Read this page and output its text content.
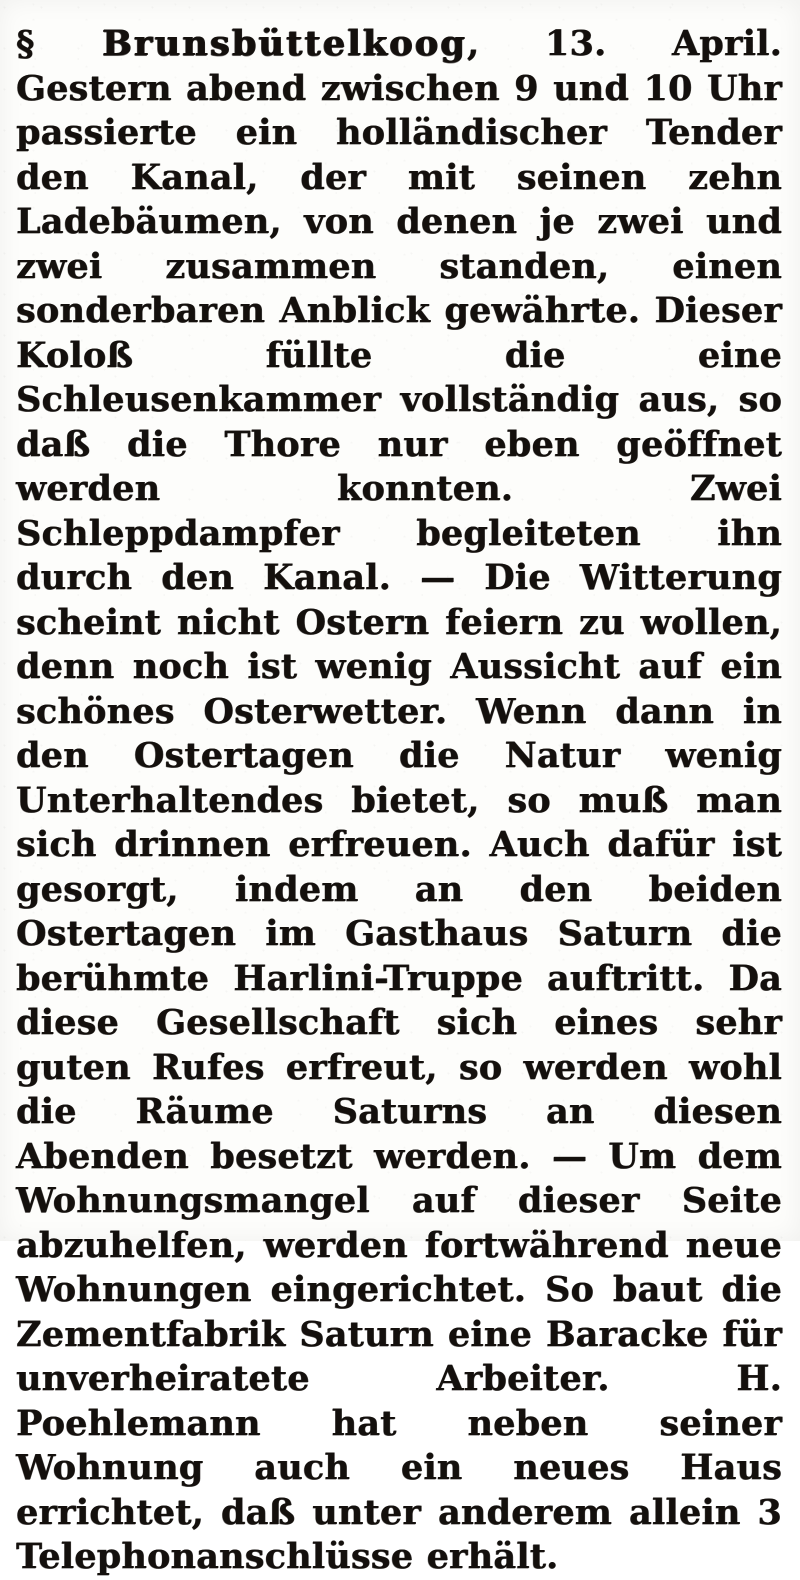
§ Brunsbüttelkoog, 13. April. Gestern abend zwischen 9 und 10 Uhr passierte ein holländischer Tender den Kanal, der mit seinen zehn Ladebäumen, von denen je zwei und zwei zusammen standen, einen sonderbaren Anblick gewährte. Dieser Koloß füllte die eine Schleusenkammer vollständig aus, so daß die Thore nur eben geöffnet werden konnten. Zwei Schleppdampfer begleiteten ihn durch den Kanal. — Die Witterung scheint nicht Ostern feiern zu wollen, denn noch ist wenig Aussicht auf ein schönes Osterwetter. Wenn dann in den Ostertagen die Natur wenig Unterhaltendes bietet, so muß man sich drinnen erfreuen. Auch dafür ist gesorgt, indem an den beiden Ostertagen im Gasthaus Saturn die berühmte Harlini-Truppe auftritt. Da diese Gesellschaft sich eines sehr guten Rufes erfreut, so werden wohl die Räume Saturns an diesen Abenden besetzt werden. — Um dem Wohnungsmangel auf dieser Seite abzuhelfen, werden fortwährend neue Wohnungen eingerichtet. So baut die Zementfabrik Saturn eine Baracke für unverheiratete Arbeiter. H. Poehlemann hat neben seiner Wohnung auch ein neues Haus errichtet, daß unter anderem allein 3 Telephonanschlüsse erhält.
